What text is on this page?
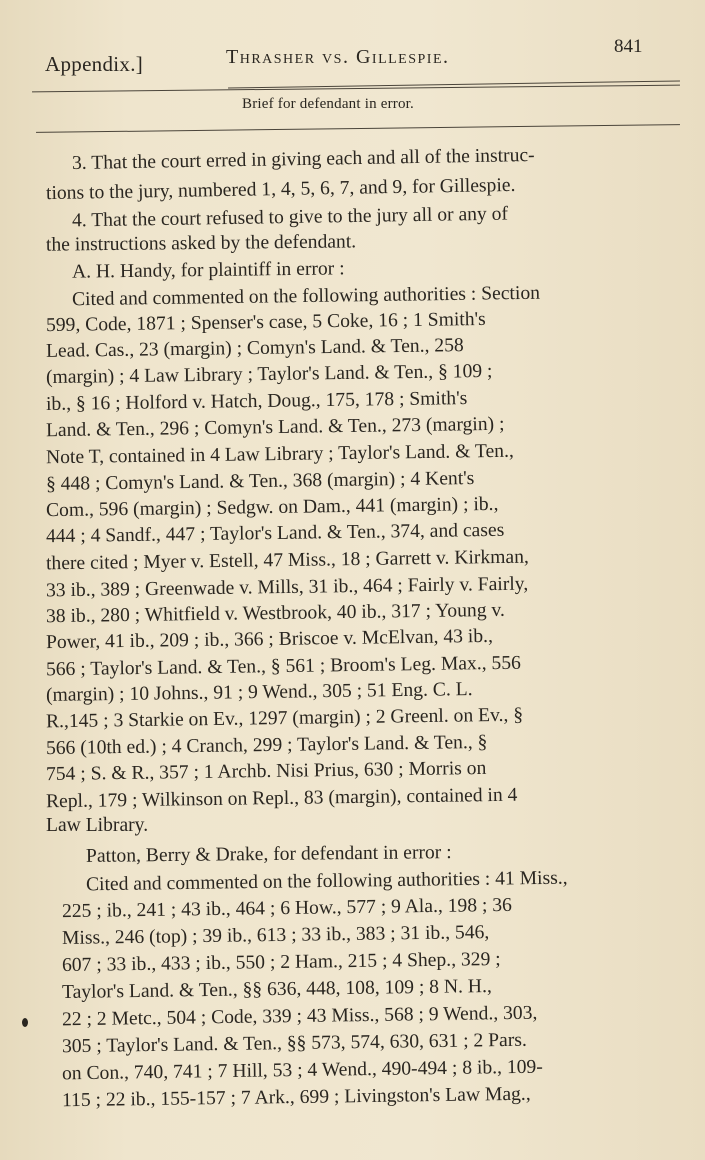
Appendix.]	Thrasher vs. Gillespie.	841
Brief for defendant in error.
3. That the court erred in giving each and all of the instruc-
tions to the jury, numbered 1, 4, 5, 6, 7, and 9, for Gillespie.
4. That the court refused to give to the jury all or any of
the instructions asked by the defendant.
A. H. Handy, for plaintiff in error :
Cited and commented on the following authorities : Section
599, Code, 1871 ; Spenser's case, 5 Coke, 16 ; 1 Smith's
Lead. Cas., 23 (margin) ; Comyn's Land. & Ten., 258
(margin) ; 4 Law Library ; Taylor's Land. & Ten., § 109 ;
ib., § 16 ; Holford v. Hatch, Doug., 175, 178 ; Smith's
Land. & Ten., 296 ; Comyn's Land. & Ten., 273 (margin) ;
Note T, contained in 4 Law Library ; Taylor's Land. & Ten.,
§ 448 ; Comyn's Land. & Ten., 368 (margin) ; 4 Kent's
Com., 596 (margin) ; Sedgw. on Dam., 441 (margin) ; ib.,
444 ; 4 Sandf., 447 ; Taylor's Land. & Ten., 374, and cases
there cited ; Myer v. Estell, 47 Miss., 18 ; Garrett v. Kirkman,
33 ib., 389 ; Greenwade v. Mills, 31 ib., 464 ; Fairly v. Fairly,
38 ib., 280 ; Whitfield v. Westbrook, 40 ib., 317 ; Young v.
Power, 41 ib., 209 ; ib., 366 ; Briscoe v. McElvan, 43 ib.,
566 ; Taylor's Land. & Ten., § 561 ; Broom's Leg. Max., 556
(margin) ; 10 Johns., 91 ; 9 Wend., 305 ; 51 Eng. C. L.
R.,145 ; 3 Starkie on Ev., 1297 (margin) ; 2 Greenl. on Ev., §
566 (10th ed.) ; 4 Cranch, 299 ; Taylor's Land. & Ten., §
754 ; S. & R., 357 ; 1 Archb. Nisi Prius, 630 ; Morris on
Repl., 179 ; Wilkinson on Repl., 83 (margin), contained in 4
Law Library.
Patton, Berry & Drake, for defendant in error :
Cited and commented on the following authorities : 41 Miss.,
225 ; ib., 241 ; 43 ib., 464 ; 6 How., 577 ; 9 Ala., 198 ; 36
Miss., 246 (top) ; 39 ib., 613 ; 33 ib., 383 ; 31 ib., 546,
607 ; 33 ib., 433 ; ib., 550 ; 2 Ham., 215 ; 4 Shep., 329 ;
Taylor's Land. & Ten., §§ 636, 448, 108, 109 ; 8 N. H.,
22 ; 2 Metc., 504 ; Code, 339 ; 43 Miss., 568 ; 9 Wend., 303,
305 ; Taylor's Land. & Ten., §§ 573, 574, 630, 631 ; 2 Pars.
on Con., 740, 741 ; 7 Hill, 53 ; 4 Wend., 490-494 ; 8 ib., 109-
115 ; 22 ib., 155-157 ; 7 Ark., 699 ; Livingston's Law Mag.,
